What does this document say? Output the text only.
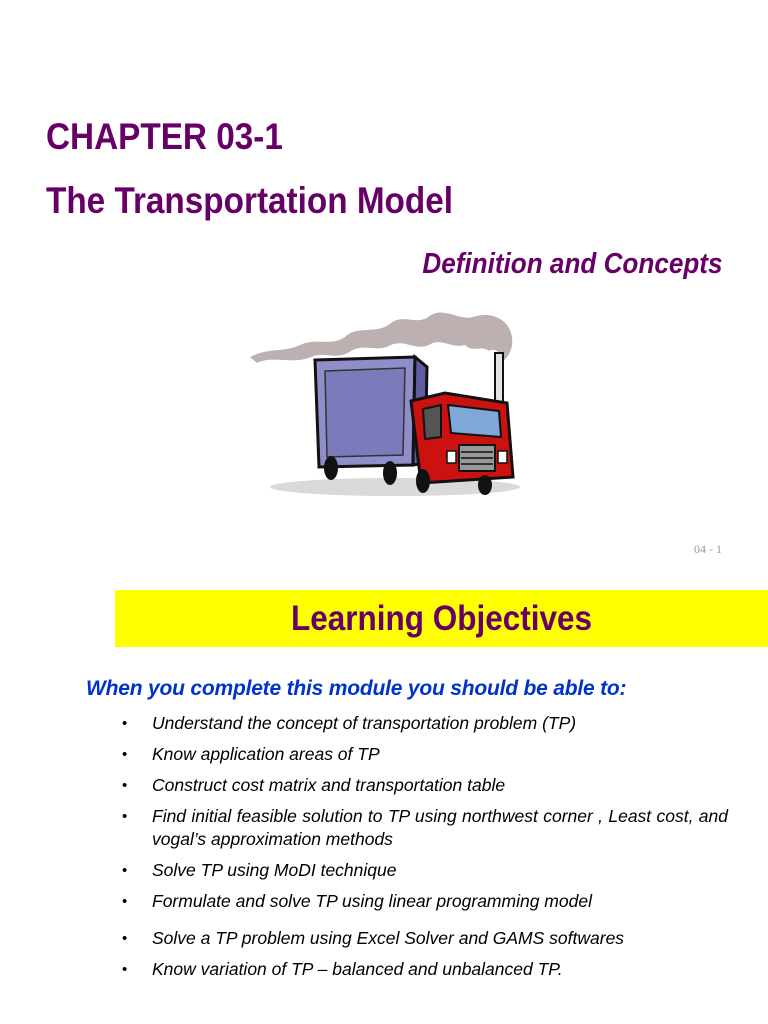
CHAPTER 03-1
The Transportation Model
Definition and Concepts
04 - 1
Learning Objectives

When you complete this module you should be able to:

• Understand the concept of transportation problem (TP)
• Know application areas of TP
• Construct cost matrix and transportation table
• Find initial feasible solution to TP using northwest corner , Least cost, and vogal’s approximation methods
• Solve TP using MoDI technique
• Formulate and solve TP using linear programming model
• Solve a TP problem using Excel Solver and GAMS softwares
• Know variation of TP – balanced and unbalanced TP.
